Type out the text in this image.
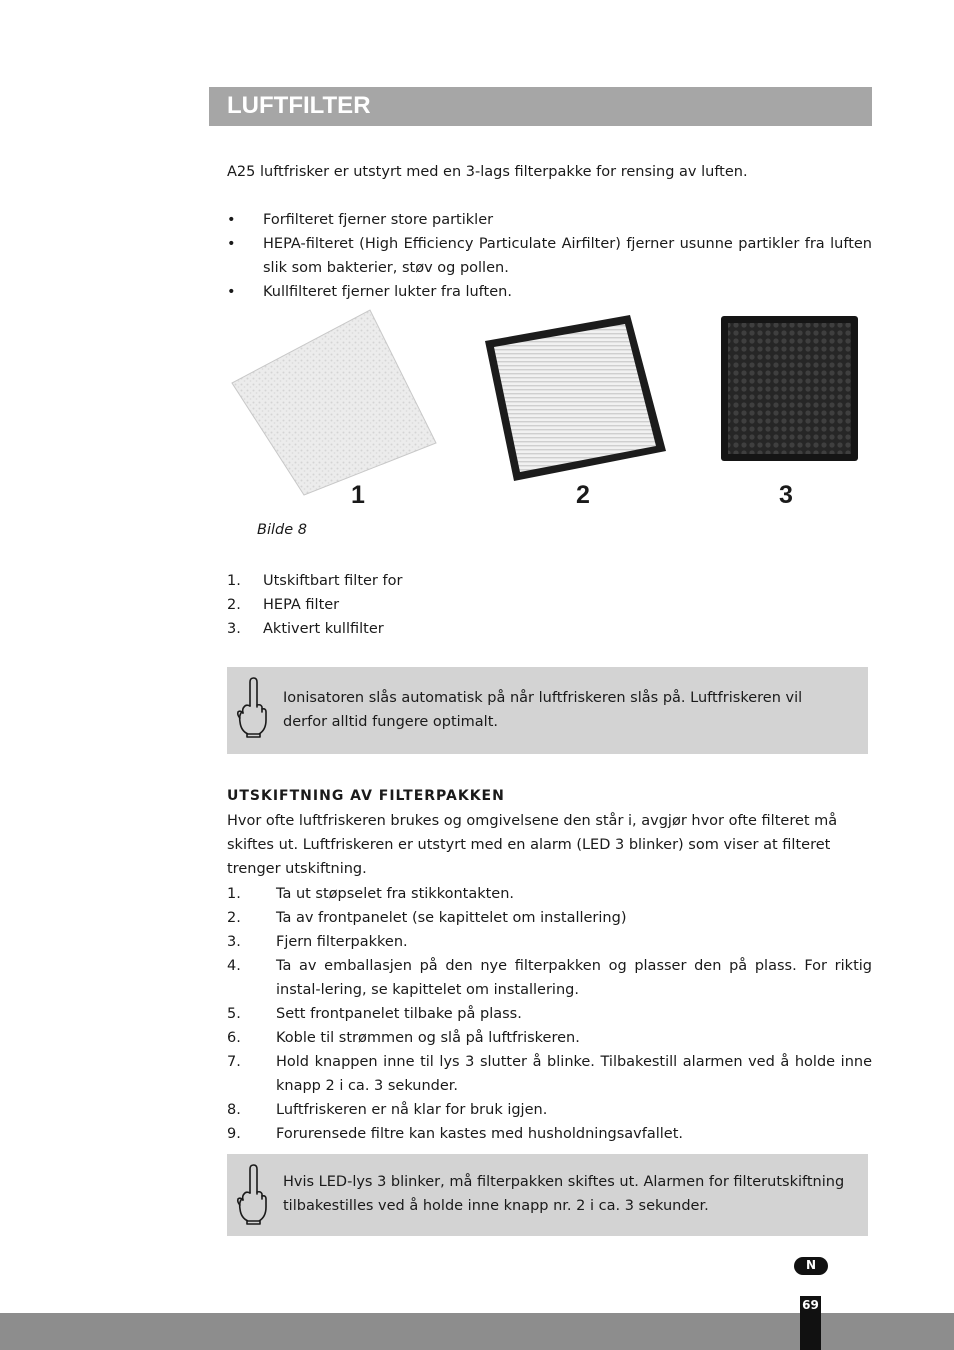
LUFTFILTER
A25 luftfrisker er utstyrt med en 3-lags filterpakke for rensing av luften.
• Forfilteret fjerner store partikler
• HEPA-filteret (High Efficiency Particulate Airfilter) fjerner usunne partikler fra luften slik som bakterier, støv og pollen.
• Kullfilteret fjerner lukter fra luften.
1	2	3
Bilde 8
1. Utskiftbart filter for
2. HEPA filter
3. Aktivert kullfilter
Ionisatoren slås automatisk på når luftfriskeren slås på. Luftfriskeren vil derfor alltid fungere optimalt.
UTSKIFTNING AV FILTERPAKKEN
Hvor ofte luftfriskeren brukes og omgivelsene den står i, avgjør hvor ofte filteret må skiftes ut. Luftfriskeren er utstyrt med en alarm (LED 3 blinker) som viser at filteret trenger utskiftning.
1. Ta ut støpselet fra stikkontakten.
2. Ta av frontpanelet (se kapittelet om installering)
3. Fjern filterpakken.
4. Ta av emballasjen på den nye filterpakken og plasser den på plass. For riktig instal-lering, se kapittelet om installering.
5. Sett frontpanelet tilbake på plass.
6. Koble til strømmen og slå på luftfriskeren.
7. Hold knappen inne til lys 3 slutter å blinke. Tilbakestill alarmen ved å holde inne knapp 2 i ca. 3 sekunder.
8. Luftfriskeren er nå klar for bruk igjen.
9. Forurensede filtre kan kastes med husholdningsavfallet.
Hvis LED-lys 3 blinker, må filterpakken skiftes ut. Alarmen for filterutskiftning tilbakestilles ved å holde inne knapp nr. 2 i ca. 3 sekunder.
N
69
